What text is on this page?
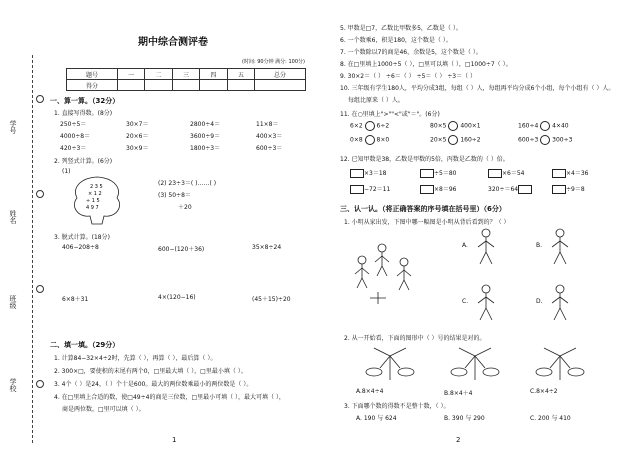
学号
姓名
班级
学校
期中综合测评卷
(时间: 90分钟 满分: 100分)
题号	一	二	三	四	五	总分
得分						
一、算一算。（32分）
1. 直接写得数。(8分)
250÷5＝	30×7＝	2800÷4＝	11×8＝
4000÷8＝	20×6＝	3600÷9＝	400×3＝
420÷3＝	30×9＝	1800÷3＝	600÷3＝
2. 列竖式计算。(6分)
(1)
2 3 5
× 1 2
÷ 1 5
4 9 7
(2) 23÷3＝( )……( )
(3) 50÷8＝
＋20
3. 脱式计算。(18分)
406−208÷8	600−(120＋36)	35×8÷24
6×8＋31	4×(120−16)	(45＋15)÷20
二、填一填。（29分）
1. 计算84−32×4÷2时，先算（ ），再算（ ），最后算（ ）。
2. 300×□，要使积的末尾有两个0，□里最大填（ ），□里最小填（ ）。
3. 4个（ ）是24，（ ）个十是600。最大的两位数乘最小的两位数是（ ）。
4. 在□里填上合适的数，使□49÷4的商是三位数，□里最小可填（ ），最大可填（ ），
商是两位数，□里可以填（ ）。
1
5. 甲数是□7，乙数比甲数多5，乙数是（ ）。
6. 一个数乘6，积是180，这个数是（ ）。
7. 一个数除以7的商是46，余数是5，这个数是（ ）。
8. 在□里填上1000÷5（ ），□里可以填（ ），□1000÷7（ ）。
9. 30×2＝（ ） ÷6＝（ ） ÷5＝（ ） ÷3＝（ ）
10. 三年级有学生180人，平均分成3组，每组（ ）人，每组再平均分成6个小组，每个小组有（ ）人。
每组比原来（ ）人。
11. 在○里填上">""<"或"＝"。(6分)
6×2 6÷2	80×5 400×1	160÷4 4×40
0×8 8×0	20×5 160÷2	600÷3 300÷3
12. 已知甲数是38，乙数是甲数的5倍，丙数是乙数的（ ）倍。
×3＝18	÷5＝80	×6＝54	×4＝36
−72＝11	×8＝96	320÷＝64	÷9＝8
三、认一认。（将正确答案的序号填在括号里）（6分）
1. 小明从家出发，下图中哪一幅图是小明从背后看到的？（ ）
A.	B.
C.	D.
2. 从一开始看，下面的图形中（ ）号的结果是对的。
A.8×4÷4	B.8×4＋4	C.8×4÷2
3. 下面哪个数的得数不是整十数，（ ）。
A. 190 与 624	B. 390 与 290	C. 200 与 410
2
